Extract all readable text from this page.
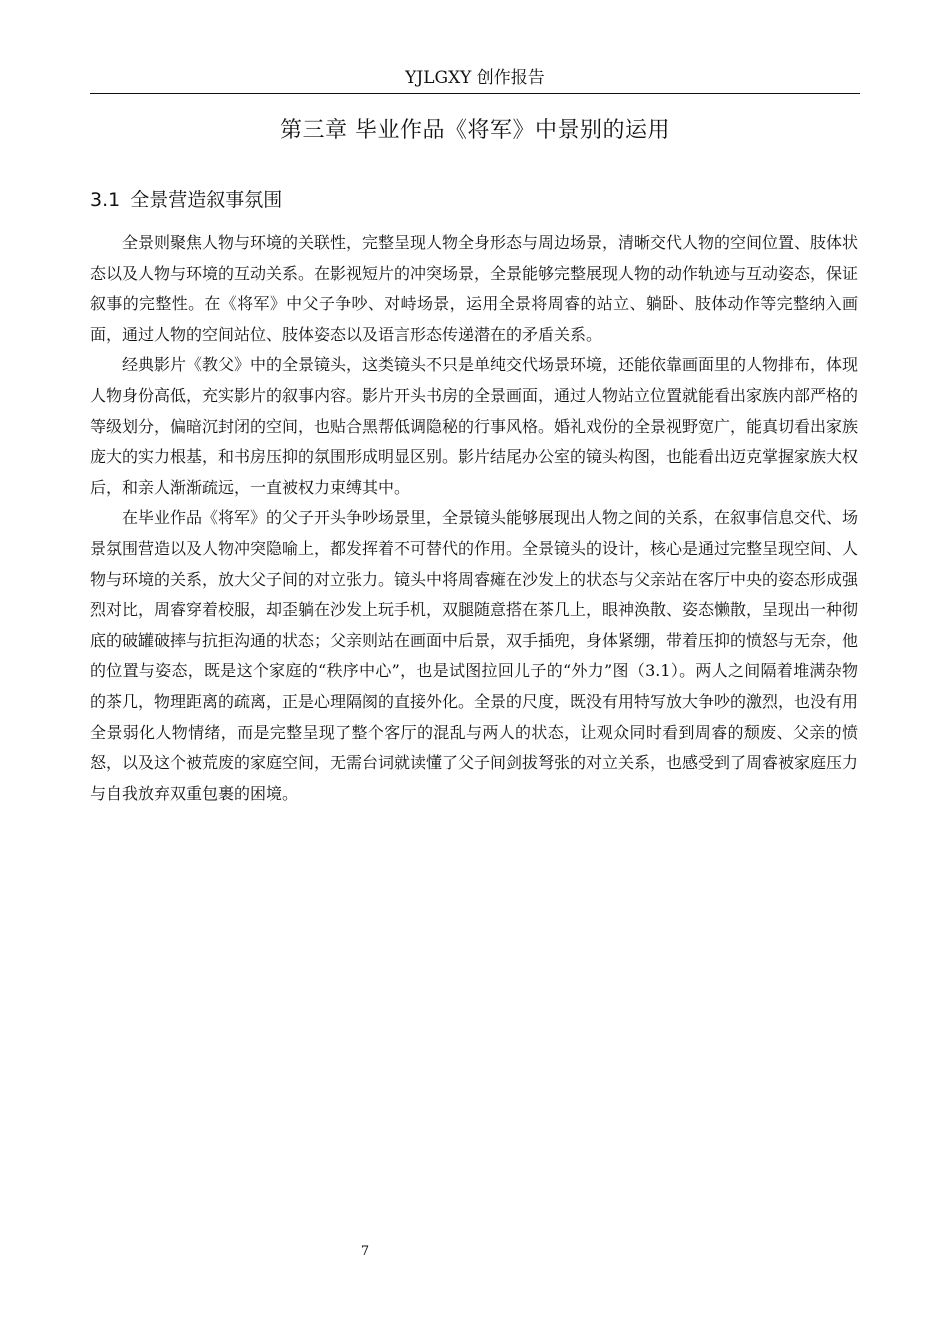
YJLGXY 创作报告
第三章 毕业作品《将军》中景别的运用
3.1 全景营造叙事氛围

全景则聚焦人物与环境的关联性，完整呈现人物全身形态与周边场景，清晰交代人物的空间位置、肢体状态以及人物与环境的互动关系。在影视短片的冲突场景，全景能够完整展现人物的动作轨迹与互动姿态，保证叙事的完整性。在《将军》中父子争吵、对峙场景，运用全景将周睿的站立、躺卧、肢体动作等完整纳入画面，通过人物的空间站位、肢体姿态以及语言形态传递潜在的矛盾关系。

经典影片《教父》中的全景镜头，这类镜头不只是单纯交代场景环境，还能依靠画面里的人物排布，体现人物身份高低，充实影片的叙事内容。影片开头书房的全景画面，通过人物站立位置就能看出家族内部严格的等级划分，偏暗沉封闭的空间，也贴合黑帮低调隐秘的行事风格。婚礼戏份的全景视野宽广，能真切看出家族庞大的实力根基，和书房压抑的氛围形成明显区别。影片结尾办公室的镜头构图，也能看出迈克掌握家族大权后，和亲人渐渐疏远，一直被权力束缚其中。

在毕业作品《将军》的父子开头争吵场景里，全景镜头能够展现出人物之间的关系，在叙事信息交代、场景氛围营造以及人物冲突隐喻上，都发挥着不可替代的作用。全景镜头的设计，核心是通过完整呈现空间、人物与环境的关系，放大父子间的对立张力。镜头中将周睿瘫在沙发上的状态与父亲站在客厅中央的姿态形成强烈对比，周睿穿着校服，却歪躺在沙发上玩手机，双腿随意搭在茶几上，眼神涣散、姿态懒散，呈现出一种彻底的破罐破摔与抗拒沟通的状态；父亲则站在画面中后景，双手插兜，身体紧绷，带着压抑的愤怒与无奈，他的位置与姿态，既是这个家庭的“秩序中心”，也是试图拉回儿子的“外力”图（3.1）。两人之间隔着堆满杂物的茶几，物理距离的疏离，正是心理隔阂的直接外化。全景的尺度，既没有用特写放大争吵的激烈，也没有用全景弱化人物情绪，而是完整呈现了整个客厅的混乱与两人的状态，让观众同时看到周睿的颓废、父亲的愤怒，以及这个被荒废的家庭空间，无需台词就读懂了父子间剑拔弩张的对立关系，也感受到了周睿被家庭压力与自我放弃双重包裹的困境。

7
